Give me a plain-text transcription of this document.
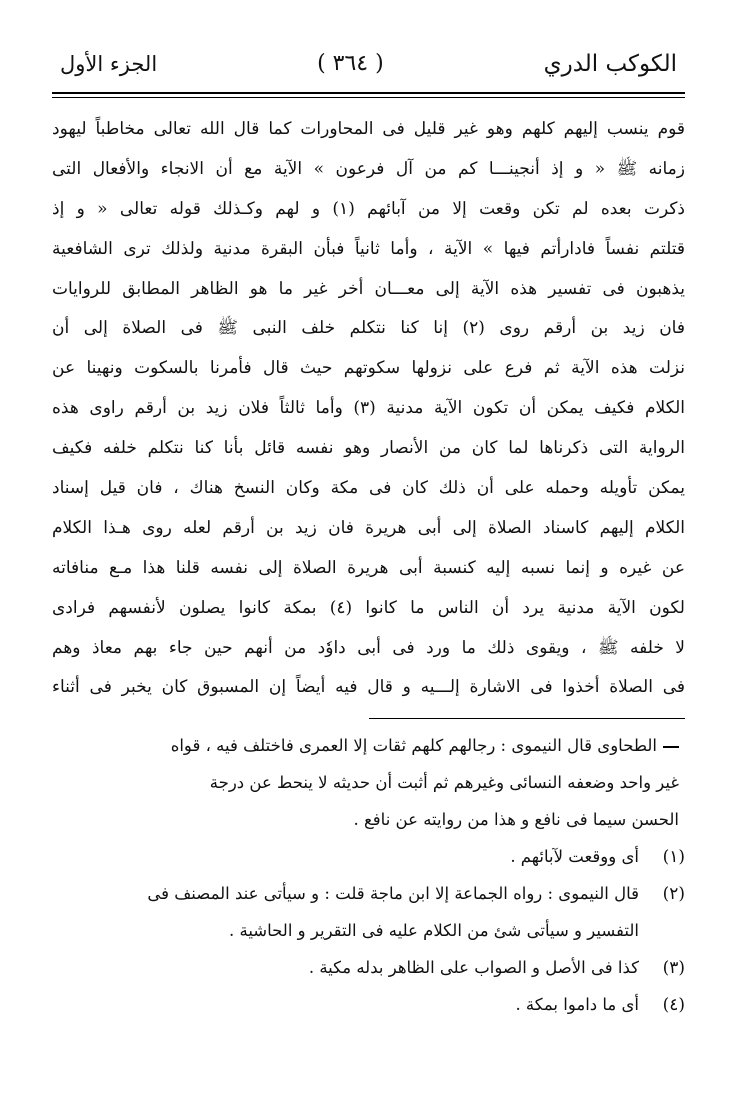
الكوكب الدري
( ٣٦٤ )
الجزء الأول
قوم ينسب إليهم كلهم وهو غير قليل فى المحاورات كما قال الله تعالى مخاطباً ليهود
زمانه ﷺ « و إذ أنجينـــا كم من آل فرعون » الآية مع أن الانجاء والأفعال التى
ذكرت بعده لم تكن وقعت إلا من آبائهم (١) و لهم وكـذلك قوله تعالى « و إذ
قتلتم نفساً فادارأتم فيها » الآية ، وأما ثانياً فبأن البقرة مدنية ولذلك ترى الشافعية
يذهبون فى تفسير هذه الآية إلى معـــان أخر غير ما هو الظاهر المطابق للروايات
فان زيد بن أرقم روى (٢) إنا كنا نتكلم خلف النبى ﷺ فى الصلاة إلى أن
نزلت هذه الآية ثم فرع على نزولها سكوتهم حيث قال فأمرنا بالسكوت ونهينا عن
الكلام فكيف يمكن أن تكون الآية مدنية (٣) وأما ثالثاً فلان زيد بن أرقم راوى هذه
الرواية التى ذكرناها لما كان من الأنصار وهو نفسه قائل بأنا كنا نتكلم خلفه فكيف
يمكن تأويله وحمله على أن ذلك كان فى مكة وكان النسخ هناك ، فان قيل إسناد
الكلام إليهم كاسناد الصلاة إلى أبى هريرة فان زيد بن أرقم لعله روى هـذا الكلام
عن غيره و إنما نسبه إليه كنسبة أبى هريرة الصلاة إلى نفسه قلنا هذا مـع منافاته
لكون الآية مدنية يرد أن الناس ما كانوا (٤) بمكة كانوا يصلون لأنفسهم فرادى
لا خلفه ﷺ ، ويقوى ذلك ما ورد فى أبى داوٗد من أنهم حين جاء بهم معاذ وهم
فى الصلاة أخذوا فى الاشارة إلـــيه و قال فيه أيضاً إن المسبوق كان يخبر فى أثناء
الطحاوى قال النيموى : رجالهم كلهم ثقات إلا العمرى فاختلف فيه ، قواه
غير واحد وضعفه النسائى وغيرهم ثم أثبت أن حديثه لا ينحط عن درجة
الحسن سيما فى نافع و هذا من روايته عن نافع .
(١)
أى ووقعت لآبائهم .
(٢)
قال النيموى : رواه الجماعة إلا ابن ماجة قلت : و سيأتى عند المصنف فى
التفسير و سيأتى شئ من الكلام عليه فى التقرير و الحاشية .
(٣)
كذا فى الأصل و الصواب على الظاهر بدله مكية .
(٤)
أى ما داموا بمكة .
